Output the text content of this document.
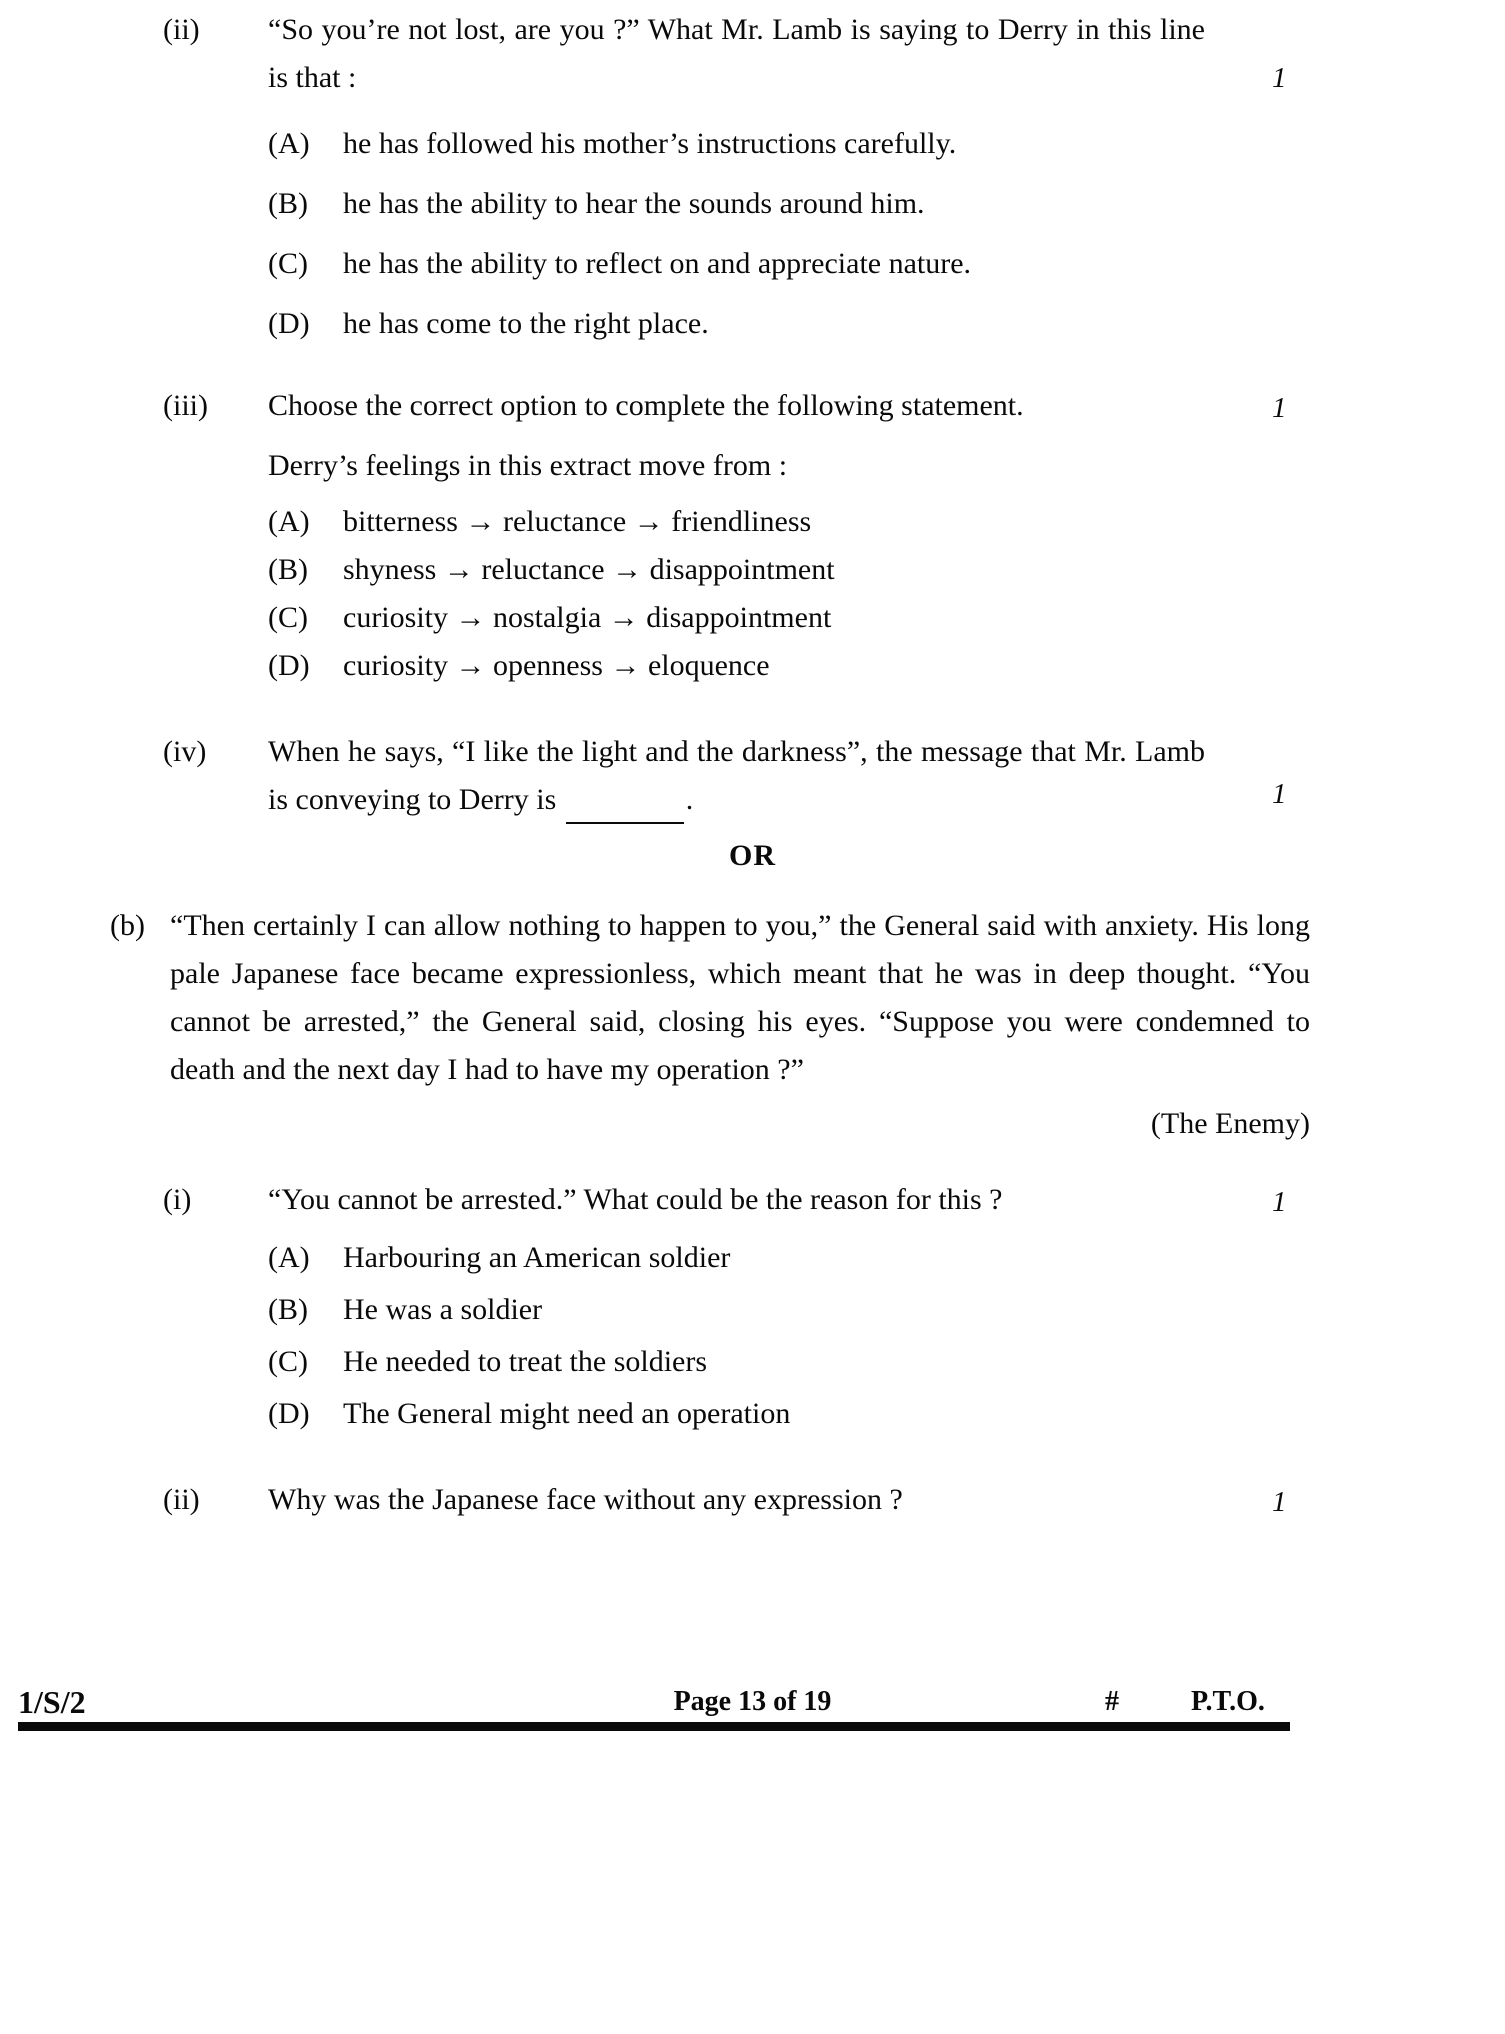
(ii)
1

“So you’re not lost, are you ?” What Mr. Lamb is saying to Derry in this line is that :

(A)	he has followed his mother’s instructions carefully.
(B)	he has the ability to hear the sounds around him.
(C)	he has the ability to reflect on and appreciate nature.
(D)	he has come to the right place.
(iii)	1

Choose the correct option to complete the following statement.

Derry’s feelings in this extract move from :
(A)	bitterness → reluctance → friendliness
(B)	shyness → reluctance → disappointment
(C)	curiosity → nostalgia → disappointment
(D)	curiosity → openness → eloquence
(iv)
1

When he says, “I like the light and the darkness”, the message that Mr. Lamb is conveying to Derry is	.

OR
(b) “Then certainly I can allow nothing to happen to you,” the General said with anxiety. His long pale Japanese face became expressionless, which meant that he was in deep thought. “You cannot be arrested,” the General said, closing his eyes. “Suppose you were condemned to death and the next day I had to have my operation ?”
(The Enemy)
(i)	1
“You cannot be arrested.” What could be the reason for this ?
(A)	Harbouring an American soldier
(B)	He was a soldier
(C)	He needed to treat the soldiers
(D)	The General might need an operation
(ii)	1
Why was the Japanese face without any expression ?
1/S/2	Page 13 of 19	#	P.T.O.
